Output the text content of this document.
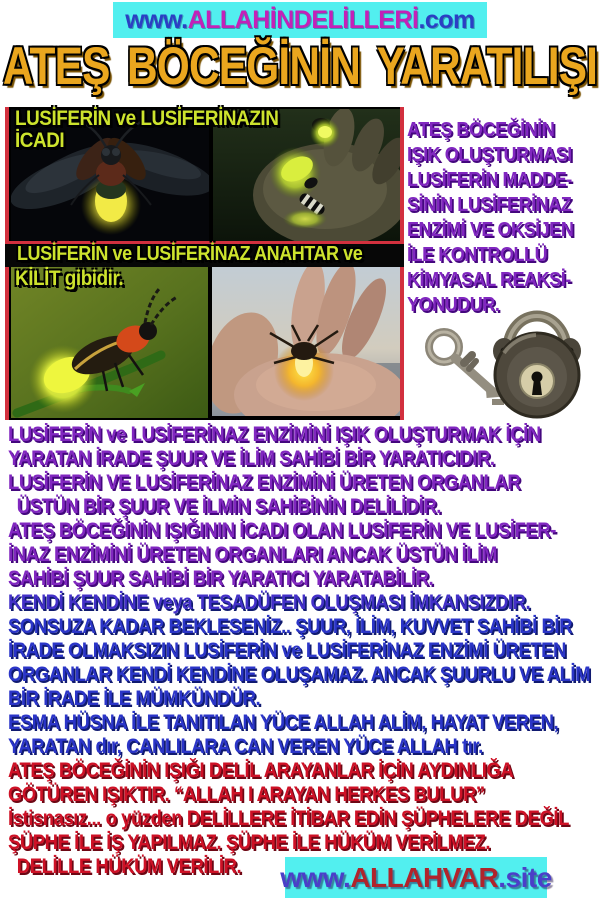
www. ALLAHİNDELİLLERİ .com
ATEŞ BÖCEĞİNİN YARATILIŞI
LUSİFERİN ve LUSİFERİNAZIN
İCADI
LUSİFERİN ve LUSİFERİNAZ ANAHTAR ve
KİLİT gibidir.
ATEŞ BÖCEĞİNİN
IŞIK OLUŞTURMASI
LUSİFERİN MADDE-
SİNİN LUSİFERİNAZ
ENZİMİ VE OKSİJEN
İLE KONTROLLÜ
KİMYASAL REAKSİ-
YONUDUR.
LUSİFERİN ve LUSİFERİNAZ ENZİMİNİ IŞIK OLUŞTURMAK İÇİN
YARATAN İRADE ŞUUR VE İLİM SAHİBİ BİR YARATICIDIR.
LUSİFERİN VE LUSİFERİNAZ ENZİMİNİ ÜRETEN ORGANLAR
ÜSTÜN BİR ŞUUR VE İLMİN SAHİBİNİN DELİLİDİR.
ATEŞ BÖCEĞİNİN IŞIĞININ İCADI OLAN LUSİFERİN VE LUSİFER-
İNAZ ENZİMİNİ ÜRETEN ORGANLARI ANCAK ÜSTÜN İLİM
SAHİBİ ŞUUR SAHİBİ BİR YARATICI YARATABİLİR.
KENDİ KENDİNE veya TESADÜFEN OLUŞMASI İMKANSIZDIR.
SONSUZA KADAR BEKLESENİZ.. ŞUUR, İLİM, KUVVET SAHİBİ BİR
İRADE OLMAKSIZIN LUSİFERİN ve LUSİFERİNAZ ENZİMİ ÜRETEN
ORGANLAR KENDİ KENDİNE OLUŞAMAZ. ANCAK ŞUURLU VE ALİM
BİR İRADE İLE MÜMKÜNDÜR.
ESMA HÜSNA İLE TANITILAN YÜCE ALLAH ALİM, HAYAT VEREN,
YARATAN dır, CANLILARA CAN VEREN YÜCE ALLAH tır.
ATEŞ BÖCEĞİNİN IŞIĞI DELİL ARAYANLAR İÇİN AYDINLIĞA
GÖTÜREN IŞIKTIR. “ALLAH I ARAYAN HERKES BULUR”
İstisnasız... o yüzden DELİLLERE İTİBAR EDİN ŞÜPHELERE DEĞİL
ŞÜPHE İLE İŞ YAPILMAZ. ŞÜPHE İLE HÜKÜM VERİLMEZ.
DELİLLE HÜKÜM VERİLİR.	www. ALLAHVAR .site
